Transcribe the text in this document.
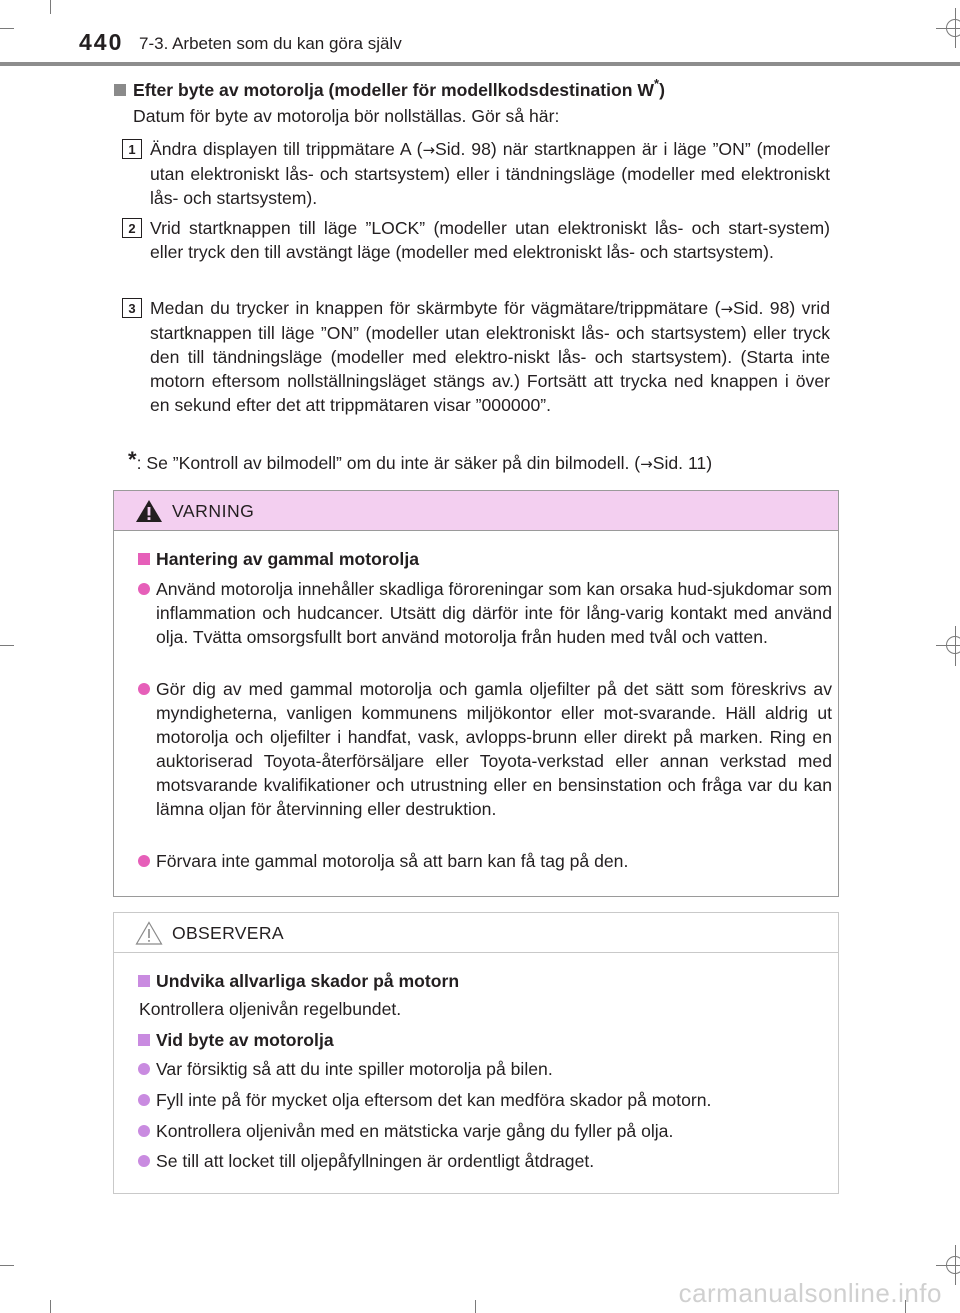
440 7-3. Arbeten som du kan göra själv
Efter byte av motorolja (modeller för modellkodsdestination W*)
Datum för byte av motorolja bör nollställas. Gör så här:
1 Ändra displayen till trippmätare A (→Sid. 98) när startknappen är i läge ”ON” (modeller utan elektroniskt lås- och startsystem) eller i tändningsläge (modeller med elektroniskt lås- och startsystem).
2 Vrid startknappen till läge ”LOCK” (modeller utan elektroniskt lås- och start-system) eller tryck den till avstängt läge (modeller med elektroniskt lås- och startsystem).
3 Medan du trycker in knappen för skärmbyte för vägmätare/trippmätare (→Sid. 98) vrid startknappen till läge ”ON” (modeller utan elektroniskt lås- och startsystem) eller tryck den till tändningsläge (modeller med elektro-niskt lås- och startsystem). (Starta inte motorn eftersom nollställningsläget stängs av.) Fortsätt att trycka ned knappen i över en sekund efter det att trippmätaren visar ”000000”.
*: Se ”Kontroll av bilmodell” om du inte är säker på din bilmodell. (→Sid. 11)
VARNING
Hantering av gammal motorolja
Använd motorolja innehåller skadliga föroreningar som kan orsaka hud-sjukdomar som inflammation och hudcancer. Utsätt dig därför inte för lång-varig kontakt med använd olja. Tvätta omsorgsfullt bort använd motorolja från huden med tvål och vatten.
Gör dig av med gammal motorolja och gamla oljefilter på det sätt som föreskrivs av myndigheterna, vanligen kommunens miljökontor eller mot-svarande. Häll aldrig ut motorolja och oljefilter i handfat, vask, avlopps-brunn eller direkt på marken. Ring en auktoriserad Toyota-återförsäljare eller Toyota-verkstad eller annan verkstad med motsvarande kvalifikationer och utrustning eller en bensinstation och fråga var du kan lämna oljan för återvinning eller destruktion.
Förvara inte gammal motorolja så att barn kan få tag på den.
OBSERVERA
Undvika allvarliga skador på motorn
Kontrollera oljenivån regelbundet.
Vid byte av motorolja
Var försiktig så att du inte spiller motorolja på bilen.
Fyll inte på för mycket olja eftersom det kan medföra skador på motorn.
Kontrollera oljenivån med en mätsticka varje gång du fyller på olja.
Se till att locket till oljepåfyllningen är ordentligt åtdraget.
carmanualsonline.info
